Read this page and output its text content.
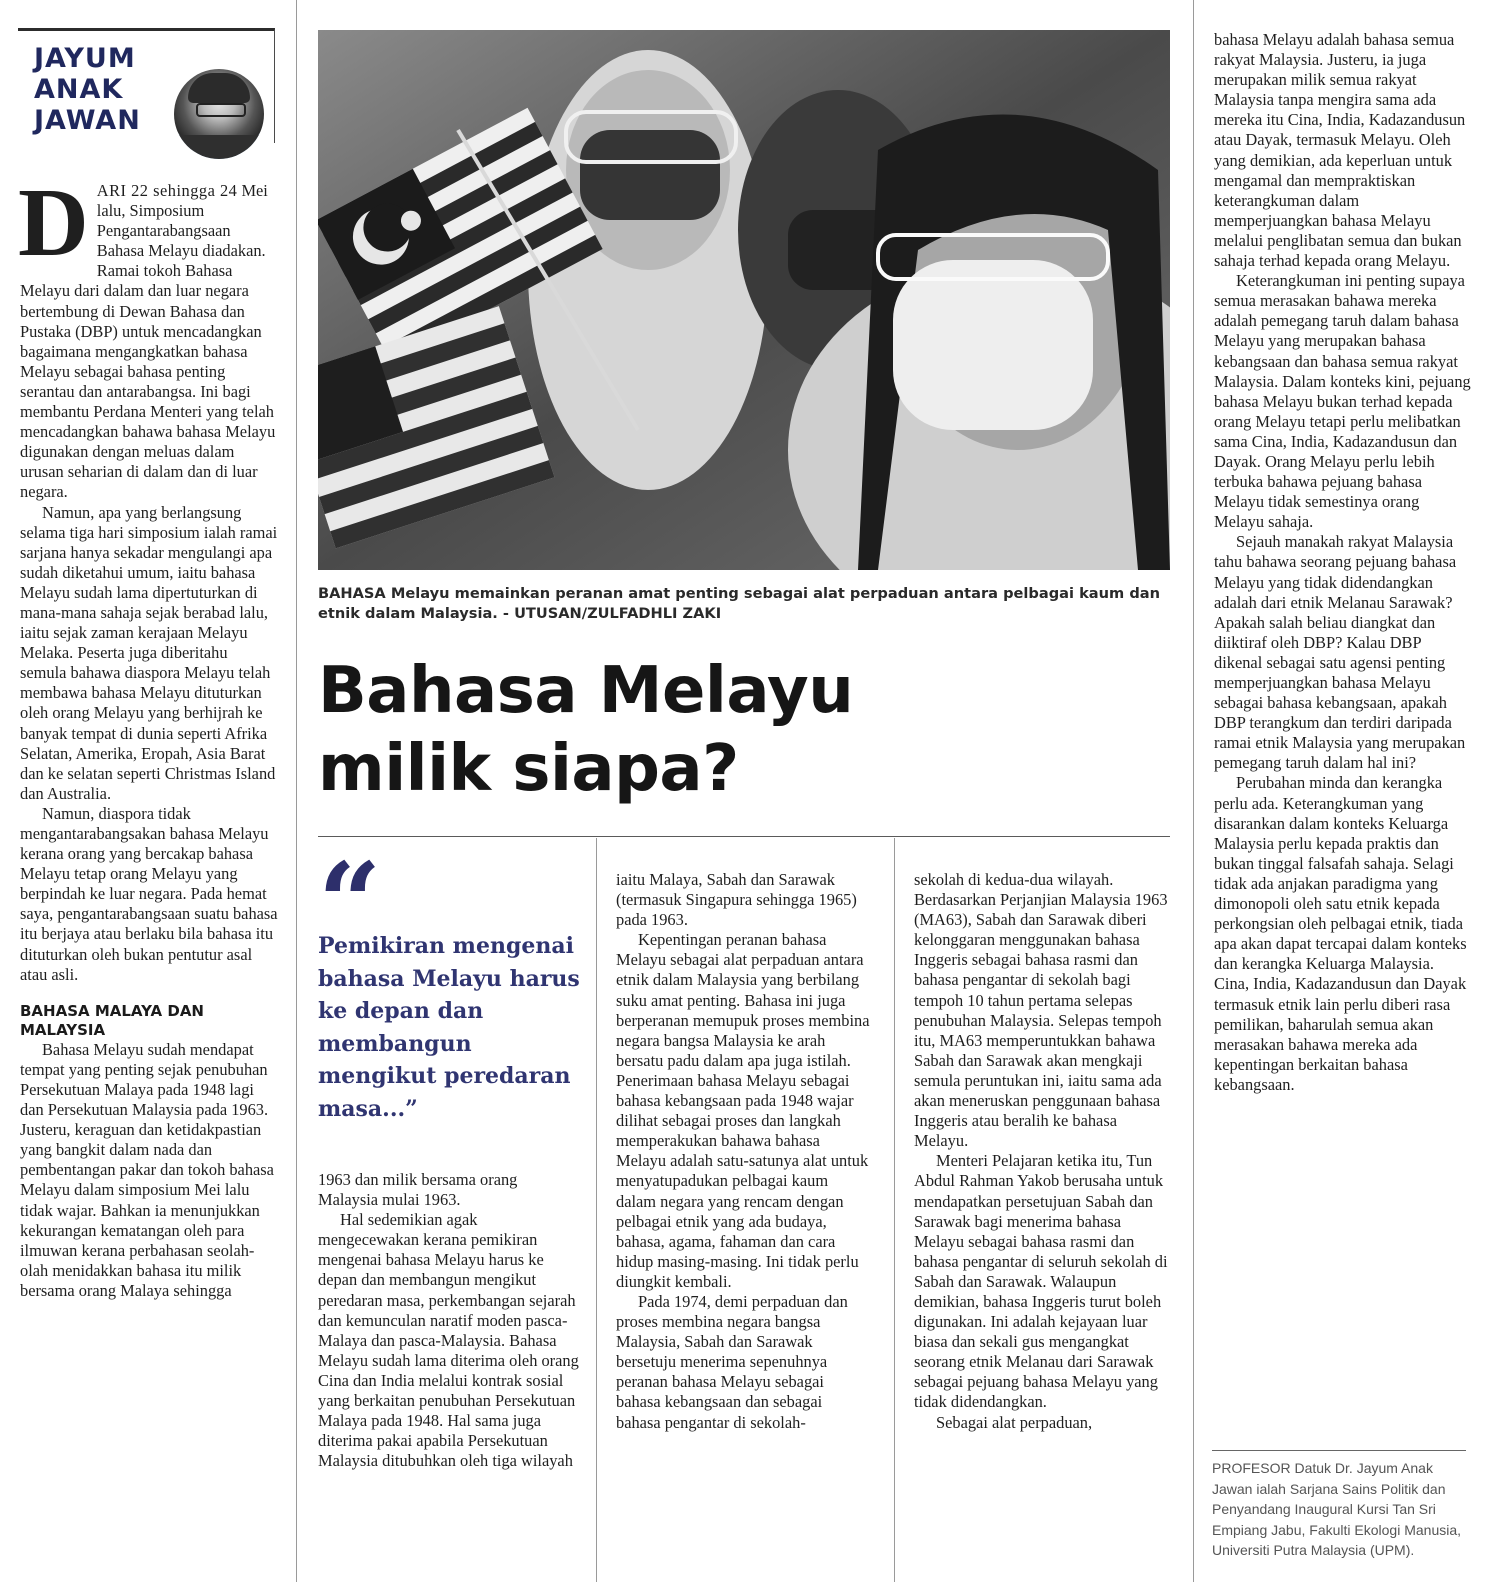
JAYUM
ANAK
JAWAN

DARI 22 sehingga 24 Mei lalu, Simposium Pengantarabangsaan Bahasa Melayu diadakan. Ramai tokoh Bahasa Melayu dari dalam dan luar negara bertembung di Dewan Bahasa dan Pustaka (DBP) untuk mencadangkan bagaimana mengangkatkan bahasa Melayu sebagai bahasa penting serantau dan antarabangsa. Ini bagi membantu Perdana Menteri yang telah mencadangkan bahawa bahasa Melayu digunakan dengan meluas dalam urusan seharian di dalam dan di luar negara.

Namun, apa yang berlangsung selama tiga hari simposium ialah ramai sarjana hanya sekadar mengulangi apa sudah diketahui umum, iaitu bahasa Melayu sudah lama dipertuturkan di mana-mana sahaja sejak berabad lalu, iaitu sejak zaman kerajaan Melayu Melaka. Peserta juga diberitahu semula bahawa diaspora Melayu telah membawa bahasa Melayu dituturkan oleh orang Melayu yang berhijrah ke banyak tempat di dunia seperti Afrika Selatan, Amerika, Eropah, Asia Barat dan ke selatan seperti Christmas Island dan Australia.

Namun, diaspora tidak mengantarabangsakan bahasa Melayu kerana orang yang bercakap bahasa Melayu tetap orang Melayu yang berpindah ke luar negara. Pada hemat saya, pengantarabangsaan suatu bahasa itu berjaya atau berlaku bila bahasa itu dituturkan oleh bukan pentutur asal atau asli.

BAHASA MALAYA DAN MALAYSIA

Bahasa Melayu sudah mendapat tempat yang penting sejak penubuhan Persekutuan Malaya pada 1948 lagi dan Persekutuan Malaysia pada 1963. Justeru, keraguan dan ketidakpastian yang bangkit dalam nada dan pembentangan pakar dan tokoh bahasa Melayu dalam simposium Mei lalu tidak wajar. Bahkan ia menunjukkan kekurangan kematangan oleh para ilmuwan kerana perbahasan seolah-olah menidakkan bahasa itu milik bersama orang Malaya sehingga

BAHASA Melayu memainkan peranan amat penting sebagai alat perpaduan antara pelbagai kaum dan etnik dalam Malaysia. - UTUSAN/ZULFADHLI ZAKI
Bahasa Melayu
milik siapa?
“
Pemikiran mengenai bahasa Melayu harus ke depan dan membangun mengikut peredaran masa...”

1963 dan milik bersama orang Malaysia mulai 1963.

Hal sedemikian agak mengecewakan kerana pemikiran mengenai bahasa Melayu harus ke depan dan membangun mengikut peredaran masa, perkembangan sejarah dan kemunculan naratif moden pasca-Malaya dan pasca-Malaysia. Bahasa Melayu sudah lama diterima oleh orang Cina dan India melalui kontrak sosial yang berkaitan penubuhan Persekutuan Malaya pada 1948. Hal sama juga diterima pakai apabila Persekutuan Malaysia ditubuhkan oleh tiga wilayah

iaitu Malaya, Sabah dan Sarawak (termasuk Singapura sehingga 1965) pada 1963.

Kepentingan peranan bahasa Melayu sebagai alat perpaduan antara etnik dalam Malaysia yang berbilang suku amat penting. Bahasa ini juga berperanan memupuk proses membina negara bangsa Malaysia ke arah bersatu padu dalam apa juga istilah. Penerimaan bahasa Melayu sebagai bahasa kebangsaan pada 1948 wajar dilihat sebagai proses dan langkah memperakukan bahawa bahasa Melayu adalah satu-satunya alat untuk menyatupadukan pelbagai kaum dalam negara yang rencam dengan pelbagai etnik yang ada budaya, bahasa, agama, fahaman dan cara hidup masing-masing. Ini tidak perlu diungkit kembali.

Pada 1974, demi perpaduan dan proses membina negara bangsa Malaysia, Sabah dan Sarawak bersetuju menerima sepenuhnya peranan bahasa Melayu sebagai bahasa kebangsaan dan sebagai bahasa pengantar di sekolah-

sekolah di kedua-dua wilayah. Berdasarkan Perjanjian Malaysia 1963 (MA63), Sabah dan Sarawak diberi kelonggaran menggunakan bahasa Inggeris sebagai bahasa rasmi dan bahasa pengantar di sekolah bagi tempoh 10 tahun pertama selepas penubuhan Malaysia. Selepas tempoh itu, MA63 memperuntukkan bahawa Sabah dan Sarawak akan mengkaji semula peruntukan ini, iaitu sama ada akan meneruskan penggunaan bahasa Inggeris atau beralih ke bahasa Melayu.

Menteri Pelajaran ketika itu, Tun Abdul Rahman Yakob berusaha untuk mendapatkan persetujuan Sabah dan Sarawak bagi menerima bahasa Melayu sebagai bahasa rasmi dan bahasa pengantar di seluruh sekolah di Sabah dan Sarawak. Walaupun demikian, bahasa Inggeris turut boleh digunakan. Ini adalah kejayaan luar biasa dan sekali gus mengangkat seorang etnik Melanau dari Sarawak sebagai pejuang bahasa Melayu yang tidak didendangkan.

Sebagai alat perpaduan,

bahasa Melayu adalah bahasa semua rakyat Malaysia. Justeru, ia juga merupakan milik semua rakyat Malaysia tanpa mengira sama ada mereka itu Cina, India, Kadazandusun atau Dayak, termasuk Melayu. Oleh yang demikian, ada keperluan untuk mengamal dan mempraktiskan keterangkuman dalam memperjuangkan bahasa Melayu melalui penglibatan semua dan bukan sahaja terhad kepada orang Melayu.

Keterangkuman ini penting supaya semua merasakan bahawa mereka adalah pemegang taruh dalam bahasa Melayu yang merupakan bahasa kebangsaan dan bahasa semua rakyat Malaysia. Dalam konteks kini, pejuang bahasa Melayu bukan terhad kepada orang Melayu tetapi perlu melibatkan sama Cina, India, Kadazandusun dan Dayak. Orang Melayu perlu lebih terbuka bahawa pejuang bahasa Melayu tidak semestinya orang Melayu sahaja.

Sejauh manakah rakyat Malaysia tahu bahawa seorang pejuang bahasa Melayu yang tidak didendangkan adalah dari etnik Melanau Sarawak? Apakah salah beliau diangkat dan diiktiraf oleh DBP? Kalau DBP dikenal sebagai satu agensi penting memperjuangkan bahasa Melayu sebagai bahasa kebangsaan, apakah DBP terangkum dan terdiri daripada ramai etnik Malaysia yang merupakan pemegang taruh dalam hal ini?

Perubahan minda dan kerangka perlu ada. Keterangkuman yang disarankan dalam konteks Keluarga Malaysia perlu kepada praktis dan bukan tinggal falsafah sahaja. Selagi tidak ada anjakan paradigma yang dimonopoli oleh satu etnik kepada perkongsian oleh pelbagai etnik, tiada apa akan dapat tercapai dalam konteks dan kerangka Keluarga Malaysia. Cina, India, Kadazandusun dan Dayak termasuk etnik lain perlu diberi rasa pemilikan, baharulah semua akan merasakan bahawa mereka ada kepentingan berkaitan bahasa kebangsaan.

PROFESOR Datuk Dr. Jayum Anak Jawan ialah Sarjana Sains Politik dan Penyandang Inaugural Kursi Tan Sri Empiang Jabu, Fakulti Ekologi Manusia, Universiti Putra Malaysia (UPM).
